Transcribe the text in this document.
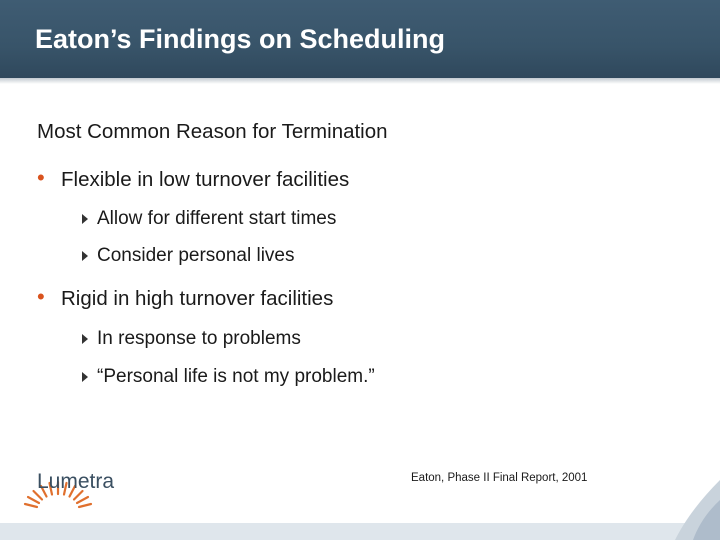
Eaton’s Findings on Scheduling
Most Common Reason for Termination
• Flexible in low turnover facilities
Allow for different start times
Consider personal lives
• Rigid in high turnover facilities
In response to problems
“Personal life is not my problem.”
Lumetra	Eaton, Phase II Final Report, 2001
